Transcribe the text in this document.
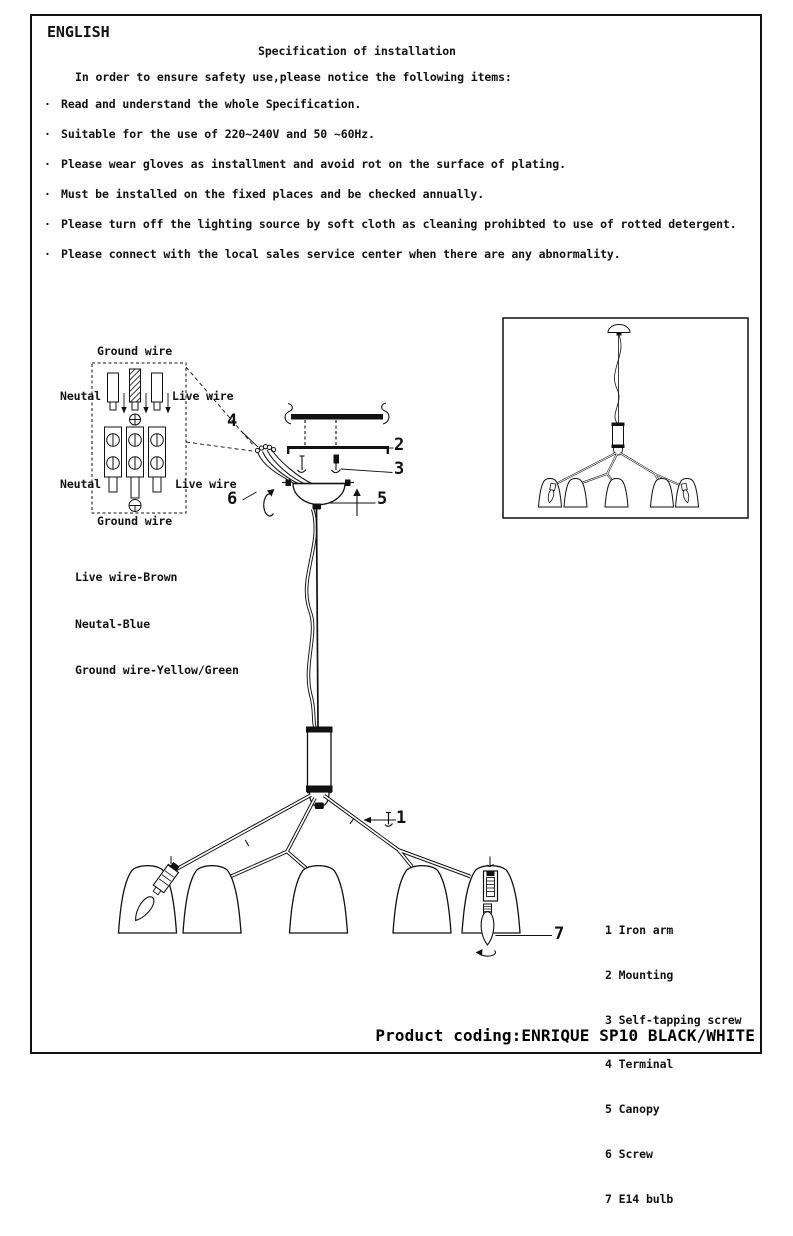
ENGLISH
Specification of installation
In order to ensure safety use,please notice the following items:
· Read and understand the whole Specification.
· Suitable for the use of 220~240V and 50 ~60Hz.
· Please wear gloves as installment and avoid rot on the surface of plating.
· Must be installed on the fixed places and be checked annually.
· Please turn off the lighting source by soft cloth as cleaning prohibted to use of rotted detergent.
· Please connect with the local sales service center when there are any abnormality.
Ground wire
Neutal	Live wire
Neutal	Live wire
Ground wire

Live wire-Brown

Neutal-Blue

Ground wire-Yellow/Green

4
2
3
6	5
1
7

	1 Iron arm

2 Mounting

3 Self-tapping screw

4 Terminal

5 Canopy

6 Screw

7 E14 bulb

Product coding:ENRIQUE SP10 BLACK/WHITE
